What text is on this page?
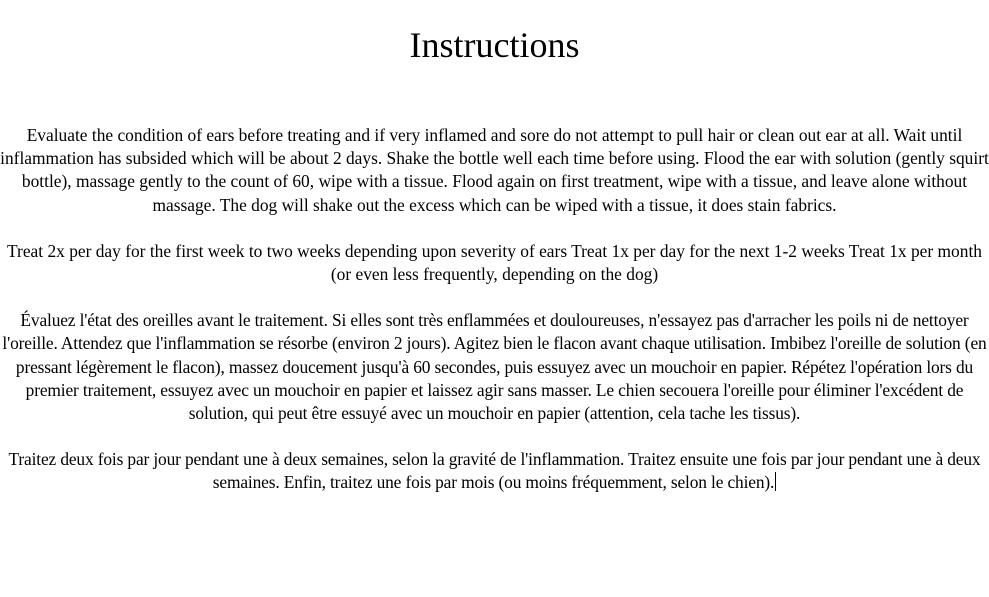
Instructions

Evaluate the condition of ears before treating and if very inflamed and sore do not attempt to pull hair or clean out ear at all. Wait until inflammation has subsided which will be about 2 days. Shake the bottle well each time before using. Flood the ear with solution (gently squirt bottle), massage gently to the count of 60, wipe with a tissue. Flood again on first treatment, wipe with a tissue, and leave alone without massage. The dog will shake out the excess which can be wiped with a tissue, it does stain fabrics.

Treat 2x per day for the first week to two weeks depending upon severity of ears Treat 1x per day for the next 1-2 weeks Treat 1x per month (or even less frequently, depending on the dog)

Évaluez l'état des oreilles avant le traitement. Si elles sont très enflammées et douloureuses, n'essayez pas d'arracher les poils ni de nettoyer l'oreille. Attendez que l'inflammation se résorbe (environ 2 jours). Agitez bien le flacon avant chaque utilisation. Imbibez l'oreille de solution (en pressant légèrement le flacon), massez doucement jusqu'à 60 secondes, puis essuyez avec un mouchoir en papier. Répétez l'opération lors du premier traitement, essuyez avec un mouchoir en papier et laissez agir sans masser. Le chien secouera l'oreille pour éliminer l'excédent de solution, qui peut être essuyé avec un mouchoir en papier (attention, cela tache les tissus).

Traitez deux fois par jour pendant une à deux semaines, selon la gravité de l'inflammation. Traitez ensuite une fois par jour pendant une à deux semaines. Enfin, traitez une fois par mois (ou moins fréquemment, selon le chien).
